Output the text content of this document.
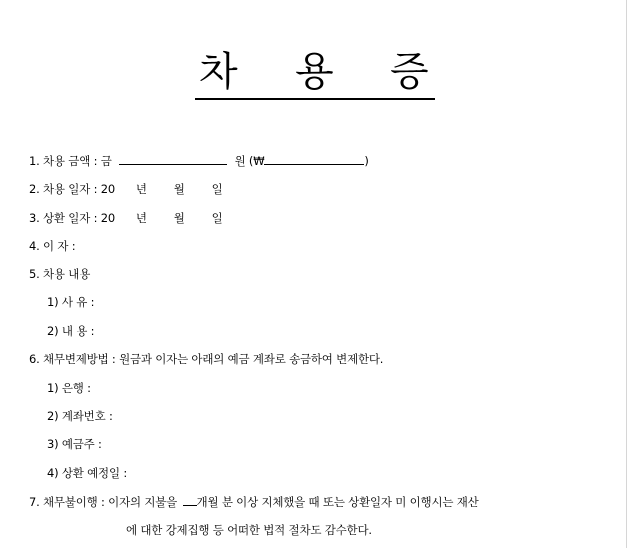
차 용 증
1. 차용 금액 : 금	원 (₩	)
2. 차용 일자 : 20 년 월 일
3. 상환 일자 : 20 년 월 일
4. 이 자 :
5. 차용 내용
1) 사 유 :
2) 내 용 :
6. 채무변제방법 : 원금과 이자는 아래의 예금 계좌로 송금하여 변제한다.
1) 은행 :
2) 계좌번호 :
3) 예금주 :
4) 상환 예정일 :
7. 채무불이행 : 이자의 지불을 개월 분 이상 지체했을 때 또는 상환일자 미 이행시는 재산
에 대한 강제집행 등 어떠한 법적 절차도 감수한다.
